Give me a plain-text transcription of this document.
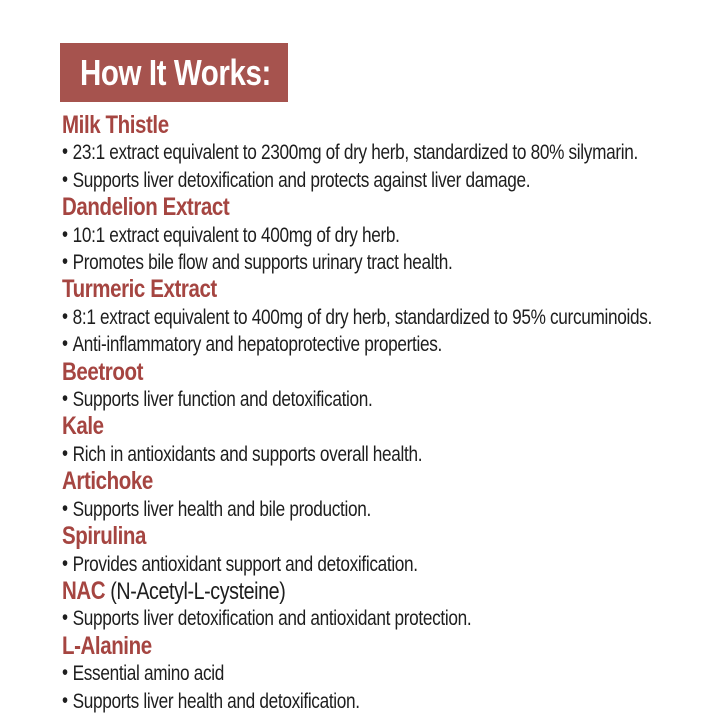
How It Works:
Milk Thistle

• 23:1 extract equivalent to 2300mg of dry herb, standardized to 80% silymarin.

• Supports liver detoxification and protects against liver damage.

Dandelion Extract

• 10:1 extract equivalent to 400mg of dry herb.

• Promotes bile flow and supports urinary tract health.

Turmeric Extract

• 8:1 extract equivalent to 400mg of dry herb, standardized to 95% curcuminoids.

• Anti-inflammatory and hepatoprotective properties.

Beetroot

• Supports liver function and detoxification.

Kale

• Rich in antioxidants and supports overall health.

Artichoke

• Supports liver health and bile production.

Spirulina

• Provides antioxidant support and detoxification.

NAC (N-Acetyl-L-cysteine)

• Supports liver detoxification and antioxidant protection.

L-Alanine

• Essential amino acid

• Supports liver health and detoxification.
